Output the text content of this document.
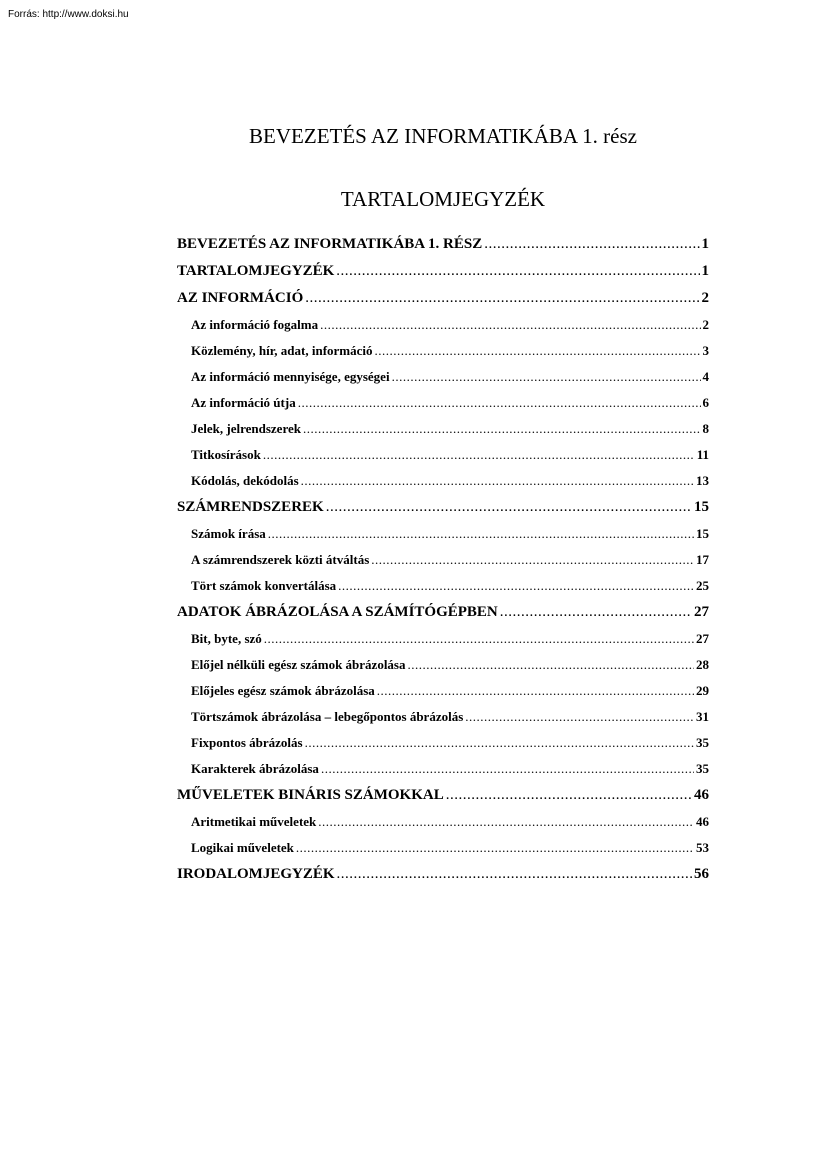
Forrás: http://www.doksi.hu
BEVEZETÉS AZ INFORMATIKÁBA 1. rész
TARTALOMJEGYZÉK
BEVEZETÉS AZ INFORMATIKÁBA 1. RÉSZ .....	1
TARTALOMJEGYZÉK .....	1
AZ INFORMÁCIÓ .....	2
Az információ fogalma .....	2
Közlemény, hír, adat, információ .....	3
Az információ mennyisége, egységei .....	4
Az információ útja .....	6
Jelek, jelrendszerek .....	8
Titkosírások .....	11
Kódolás, dekódolás .....	13
SZÁMRENDSZEREK .....	15
Számok írása .....	15
A számrendszerek közti átváltás .....	17
Tört számok konvertálása .....	25
ADATOK ÁBRÁZOLÁSA A SZÁMÍTÓGÉPBEN .....	27
Bit, byte, szó .....	27
Előjel nélküli egész számok ábrázolása .....	28
Előjeles egész számok ábrázolása .....	29
Törtszámok ábrázolása – lebegőpontos ábrázolás .....	31
Fixpontos ábrázolás .....	35
Karakterek ábrázolása .....	35
MŰVELETEK BINÁRIS SZÁMOKKAL .....	46
Aritmetikai műveletek .....	46
Logikai műveletek .....	53
IRODALOMJEGYZÉK .....	56
